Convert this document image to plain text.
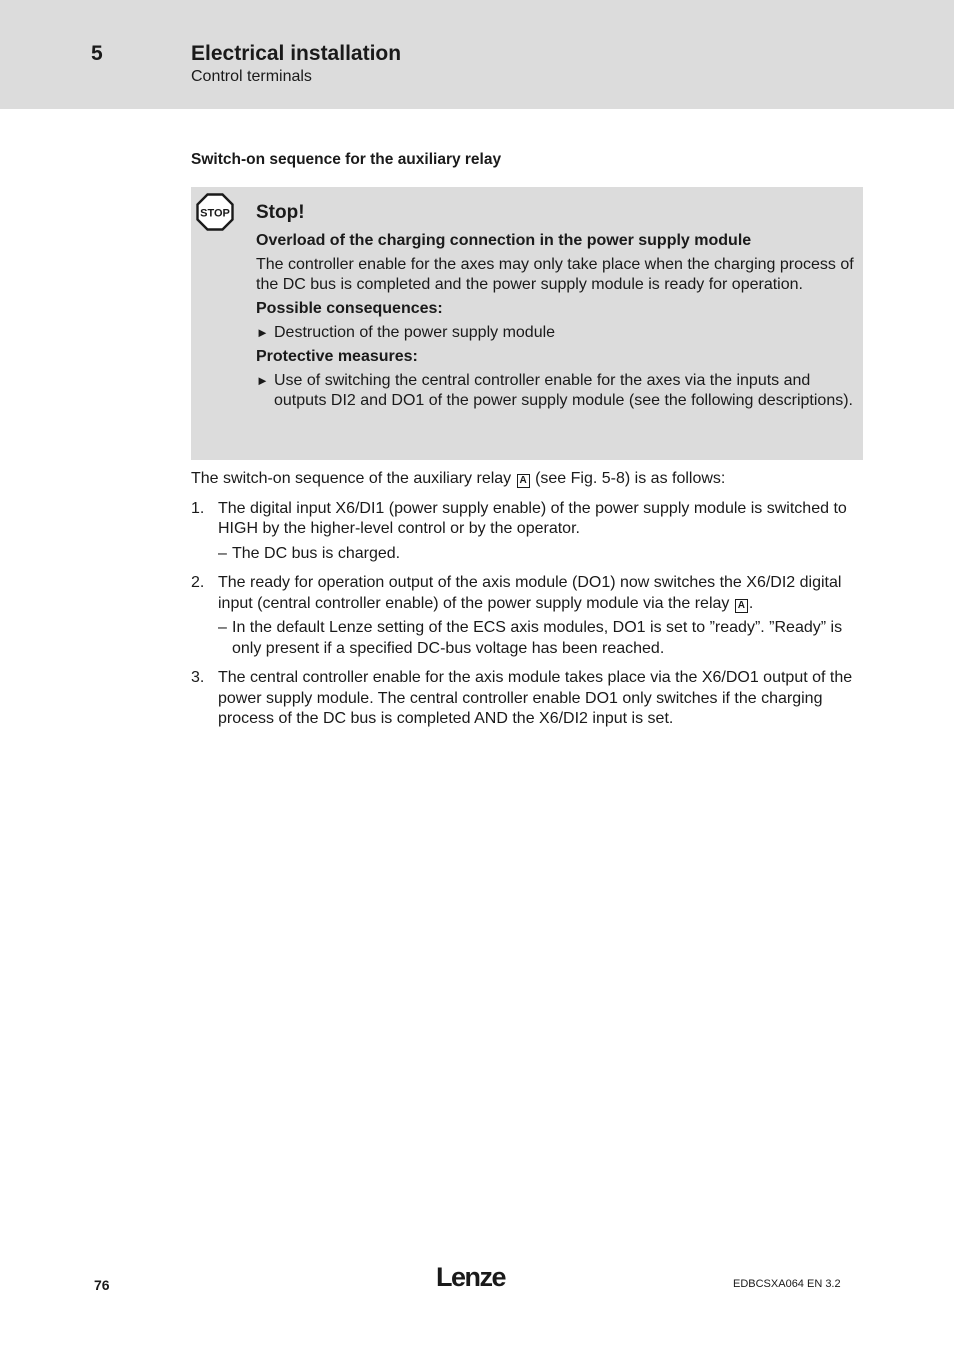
5	Electrical installation
Control terminals
Switch-on sequence for the auxiliary relay
STOP Stop!
Overload of the charging connection in the power supply module
The controller enable for the axes may only take place when the charging process of the DC bus is completed and the power supply module is ready for operation.
Possible consequences:
► Destruction of the power supply module
Protective measures:
► Use of switching the central controller enable for the axes via the inputs and outputs DI2 and DO1 of the power supply module (see the following descriptions).
The switch-on sequence of the auxiliary relay A (see Fig. 5-8) is as follows:
1. The digital input X6/DI1 (power supply enable) of the power supply module is switched to HIGH by the higher-level control or by the operator.
– The DC bus is charged.
2. The ready for operation output of the axis module (DO1) now switches the X6/DI2 digital input (central controller enable) of the power supply module via the relay A .
– In the default Lenze setting of the ECS axis modules, DO1 is set to ”ready”. ”Ready” is only present if a specified DC-bus voltage has been reached.
3. The central controller enable for the axis module takes place via the X6/DO1 output of the power supply module. The central controller enable DO1 only switches if the charging process of the DC bus is completed AND the X6/DI2 input is set.
76	Lenze	EDBCSXA064 EN 3.2
